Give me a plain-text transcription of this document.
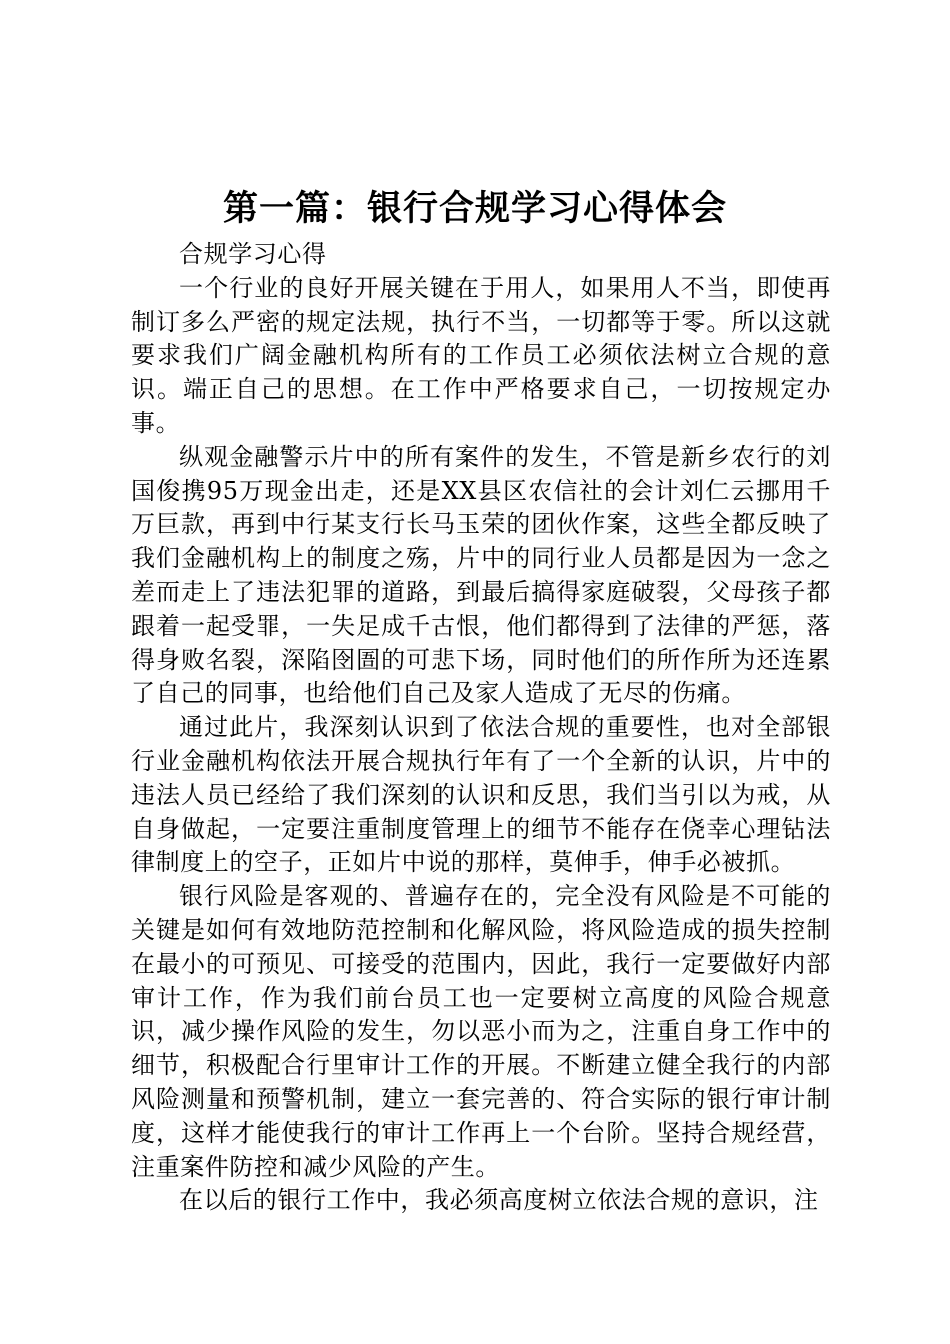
第一篇：银行合规学习心得体会

合规学习心得

一个行业的良好开展关键在于用人，如果用人不当，即使再制订多么严密的规定法规，执行不当，一切都等于零。所以这就要求我们广阔金融机构所有的工作员工必须依法树立合规的意识。端正自己的思想。在工作中严格要求自己，一切按规定办事。

纵观金融警示片中的所有案件的发生，不管是新乡农行的刘国俊携95万现金出走，还是XX县区农信社的会计刘仁云挪用千万巨款，再到中行某支行长马玉荣的团伙作案，这些全都反映了我们金融机构上的制度之殇，片中的同行业人员都是因为一念之差而走上了违法犯罪的道路，到最后搞得家庭破裂，父母孩子都跟着一起受罪，一失足成千古恨，他们都得到了法律的严惩，落得身败名裂，深陷囹圄的可悲下场，同时他们的所作所为还连累了自己的同事，也给他们自己及家人造成了无尽的伤痛。

通过此片，我深刻认识到了依法合规的重要性，也对全部银行业金融机构依法开展合规执行年有了一个全新的认识，片中的违法人员已经给了我们深刻的认识和反思，我们当引以为戒，从自身做起，一定要注重制度管理上的细节不能存在侥幸心理钻法律制度上的空子，正如片中说的那样，莫伸手，伸手必被抓。

银行风险是客观的、普遍存在的，完全没有风险是不可能的关键是如何有效地防范控制和化解风险，将风险造成的损失控制在最小的可预见、可接受的范围内，因此，我行一定要做好内部审计工作，作为我们前台员工也一定要树立高度的风险合规意识，减少操作风险的发生，勿以恶小而为之，注重自身工作中的细节，积极配合行里审计工作的开展。不断建立健全我行的内部风险测量和预警机制，建立一套完善的、符合实际的银行审计制度，这样才能使我行的审计工作再上一个台阶。坚持合规经营，注重案件防控和减少风险的产生。

在以后的银行工作中，我必须高度树立依法合规的意识，注
